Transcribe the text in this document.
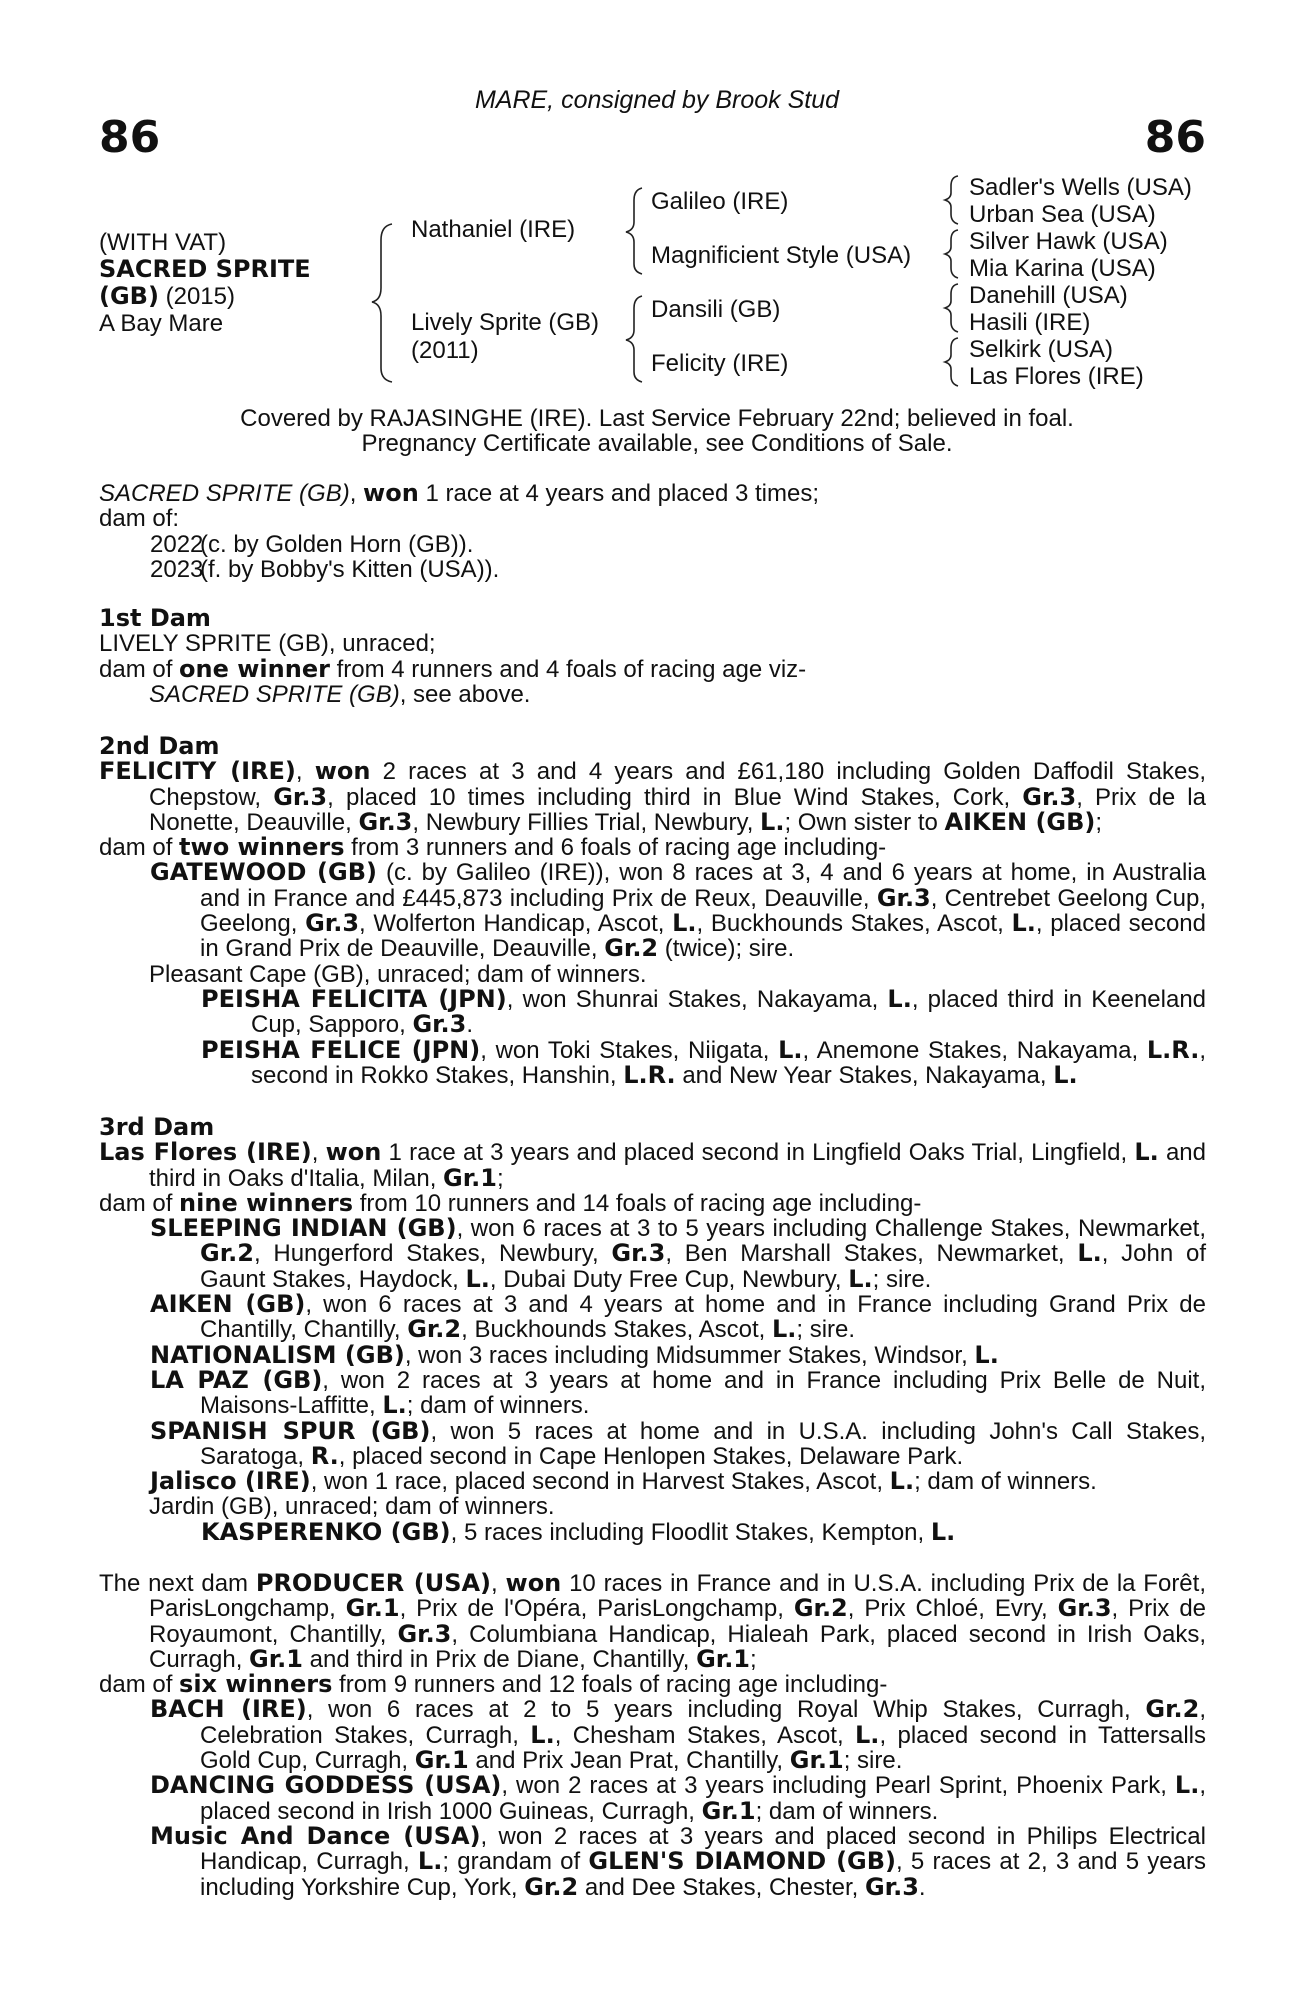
86	86
MARE, consigned by Brook Stud
(WITH VAT)
SACRED SPRITE
(GB) (2015)
A Bay Mare
Nathaniel (IRE)
Lively Sprite (GB)
(2011)
Galileo (IRE)
Magnificient Style (USA)
Dansili (GB)
Felicity (IRE)
Sadler's Wells (USA)
Urban Sea (USA)
Silver Hawk (USA)
Mia Karina (USA)
Danehill (USA)
Hasili (IRE)
Selkirk (USA)
Las Flores (IRE)
Covered by RAJASINGHE (IRE). Last Service February 22nd; believed in foal.
Pregnancy Certificate available, see Conditions of Sale.

SACRED SPRITE (GB), won 1 race at 4 years and placed 3 times;

dam of:

2022(c. by Golden Horn (GB)).

2023(f. by Bobby's Kitten (USA)).

1st Dam

LIVELY SPRITE (GB), unraced;

dam of one winner from 4 runners and 4 foals of racing age viz-

SACRED SPRITE (GB), see above.

2nd Dam

FELICITY (IRE), won 2 races at 3 and 4 years and £61,180 including Golden Daffodil Stakes, Chepstow, Gr.3, placed 10 times including third in Blue Wind Stakes, Cork, Gr.3, Prix de la Nonette, Deauville, Gr.3, Newbury Fillies Trial, Newbury, L.; Own sister to AIKEN (GB);

dam of two winners from 3 runners and 6 foals of racing age including-

GATEWOOD (GB) (c. by Galileo (IRE)), won 8 races at 3, 4 and 6 years at home, in Australia and in France and £445,873 including Prix de Reux, Deauville, Gr.3, Centrebet Geelong Cup, Geelong, Gr.3, Wolferton Handicap, Ascot, L., Buckhounds Stakes, Ascot, L., placed second in Grand Prix de Deauville, Deauville, Gr.2 (twice); sire.

Pleasant Cape (GB), unraced; dam of winners.

PEISHA FELICITA (JPN), won Shunrai Stakes, Nakayama, L., placed third in Keeneland Cup, Sapporo, Gr.3.

PEISHA FELICE (JPN), won Toki Stakes, Niigata, L., Anemone Stakes, Nakayama, L.R., second in Rokko Stakes, Hanshin, L.R. and New Year Stakes, Nakayama, L.

3rd Dam

Las Flores (IRE), won 1 race at 3 years and placed second in Lingfield Oaks Trial, Lingfield, L. and third in Oaks d'Italia, Milan, Gr.1;

dam of nine winners from 10 runners and 14 foals of racing age including-

SLEEPING INDIAN (GB), won 6 races at 3 to 5 years including Challenge Stakes, Newmarket, Gr.2, Hungerford Stakes, Newbury, Gr.3, Ben Marshall Stakes, Newmarket, L., John of Gaunt Stakes, Haydock, L., Dubai Duty Free Cup, Newbury, L.; sire.

AIKEN (GB), won 6 races at 3 and 4 years at home and in France including Grand Prix de Chantilly, Chantilly, Gr.2, Buckhounds Stakes, Ascot, L.; sire.

NATIONALISM (GB), won 3 races including Midsummer Stakes, Windsor, L.

LA PAZ (GB), won 2 races at 3 years at home and in France including Prix Belle de Nuit, Maisons-Laffitte, L.; dam of winners.

SPANISH SPUR (GB), won 5 races at home and in U.S.A. including John's Call Stakes, Saratoga, R., placed second in Cape Henlopen Stakes, Delaware Park.

Jalisco (IRE), won 1 race, placed second in Harvest Stakes, Ascot, L.; dam of winners.

Jardin (GB), unraced; dam of winners.

KASPERENKO (GB), 5 races including Floodlit Stakes, Kempton, L.

The next dam PRODUCER (USA), won 10 races in France and in U.S.A. including Prix de la Forêt, ParisLongchamp, Gr.1, Prix de l'Opéra, ParisLongchamp, Gr.2, Prix Chloé, Evry, Gr.3, Prix de Royaumont, Chantilly, Gr.3, Columbiana Handicap, Hialeah Park, placed second in Irish Oaks, Curragh, Gr.1 and third in Prix de Diane, Chantilly, Gr.1;

dam of six winners from 9 runners and 12 foals of racing age including-

BACH (IRE), won 6 races at 2 to 5 years including Royal Whip Stakes, Curragh, Gr.2, Celebration Stakes, Curragh, L., Chesham Stakes, Ascot, L., placed second in Tattersalls Gold Cup, Curragh, Gr.1 and Prix Jean Prat, Chantilly, Gr.1; sire.

DANCING GODDESS (USA), won 2 races at 3 years including Pearl Sprint, Phoenix Park, L., placed second in Irish 1000 Guineas, Curragh, Gr.1; dam of winners.

Music And Dance (USA), won 2 races at 3 years and placed second in Philips Electrical Handicap, Curragh, L.; grandam of GLEN'S DIAMOND (GB), 5 races at 2, 3 and 5 years including Yorkshire Cup, York, Gr.2 and Dee Stakes, Chester, Gr.3.
